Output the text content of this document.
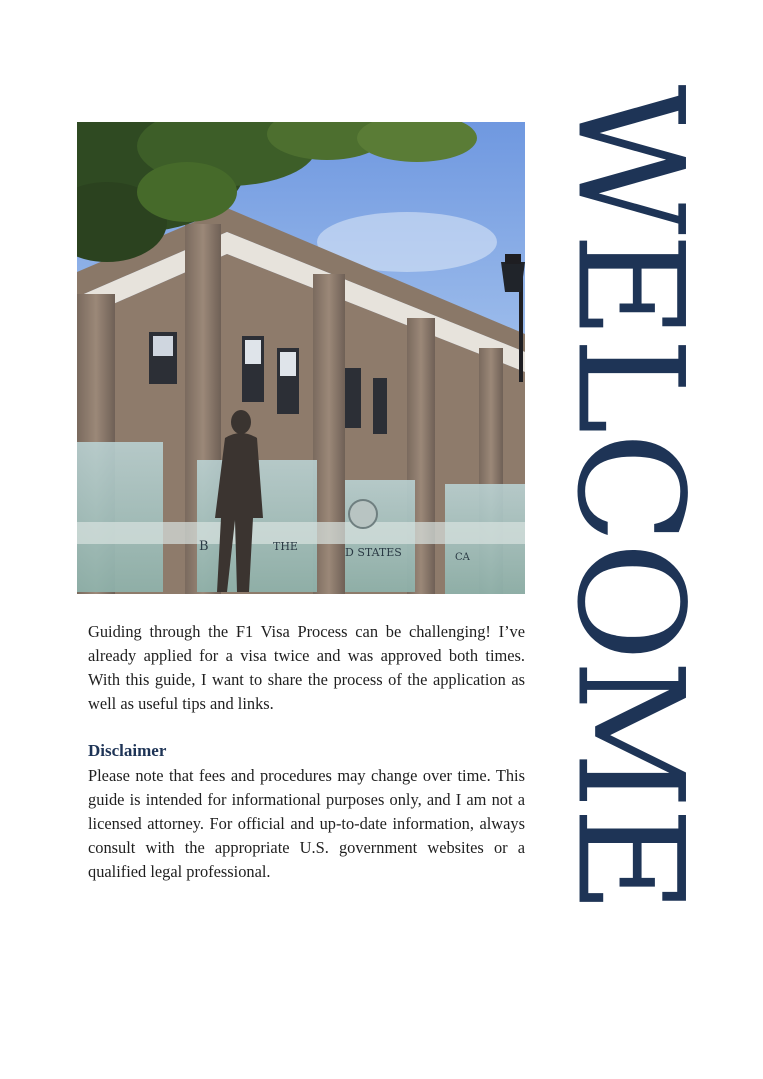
B	THE	D STATES	CA WELCOME

Guiding through the F1 Visa Process can be challenging! I’ve already applied for a visa twice and was approved both times. With this guide, I want to share the process of the application as well as useful tips and links.

Disclaimer

Please note that fees and procedures may change over time. This guide is intended for informational purposes only, and I am not a licensed attorney. For official and up-to-date information, always consult with the appropriate U.S. government websites or a qualified legal professional.
